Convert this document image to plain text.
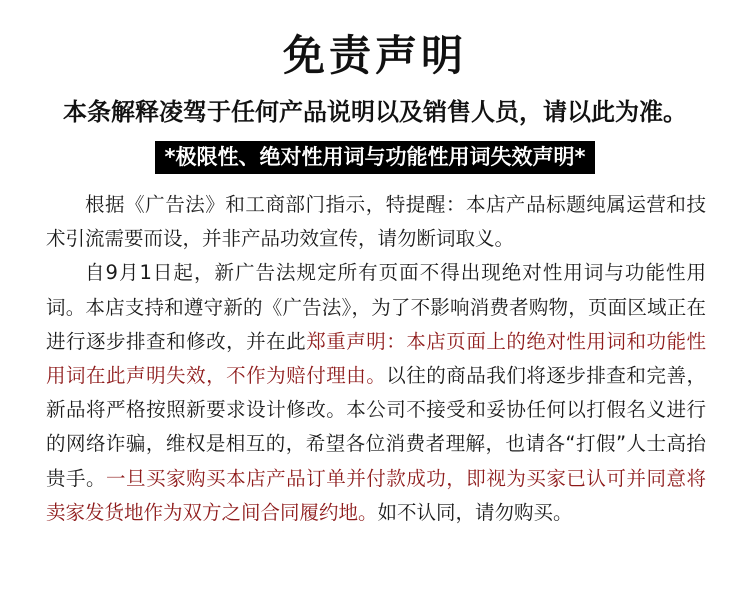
免责声明
本条解释凌驾于任何产品说明以及销售人员，请以此为准。
*极限性、绝对性用词与功能性用词失效声明*

根据《广告法》和工商部门指示，特提醒：本店产品标题纯属运营和技术引流需要而设，并非产品功效宣传，请勿断词取义。

自9月1日起，新广告法规定所有页面不得出现绝对性用词与功能性用词。本店支持和遵守新的《广告法》，为了不影响消费者购物，页面区域正在进行逐步排查和修改，并在此郑重声明：本店页面上的绝对性用词和功能性用词在此声明失效，不作为赔付理由。以往的商品我们将逐步排查和完善，新品将严格按照新要求设计修改。本公司不接受和妥协任何以打假名义进行的网络诈骗，维权是相互的，希望各位消费者理解，也请各“打假”人士高抬贵手。一旦买家购买本店产品订单并付款成功，即视为买家已认可并同意将卖家发货地作为双方之间合同履约地。如不认同，请勿购买。
